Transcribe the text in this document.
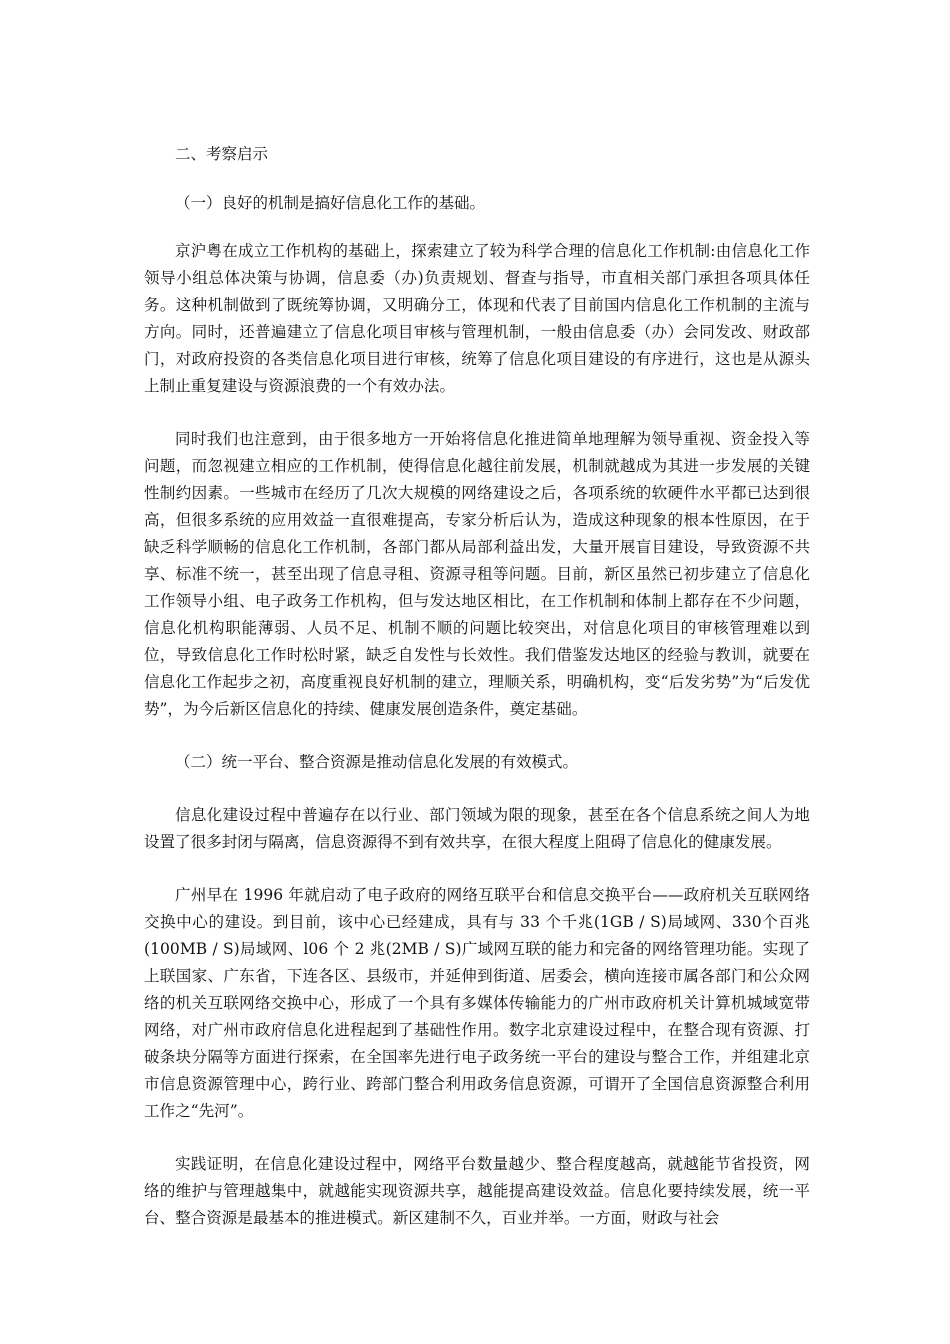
二、考察启示

（一）良好的机制是搞好信息化工作的基础。

京沪粤在成立工作机构的基础上，探索建立了较为科学合理的信息化工作机制:由信息化工作领导小组总体决策与协调，信息委（办)负责规划、督查与指导，市直相关部门承担各项具体任务。这种机制做到了既统筹协调，又明确分工，体现和代表了目前国内信息化工作机制的主流与方向。同时，还普遍建立了信息化项目审核与管理机制，一般由信息委（办）会同发改、财政部门，对政府投资的各类信息化项目进行审核，统筹了信息化项目建设的有序进行，这也是从源头上制止重复建设与资源浪费的一个有效办法。

同时我们也注意到，由于很多地方一开始将信息化推进简单地理解为领导重视、资金投入等问题，而忽视建立相应的工作机制，使得信息化越往前发展，机制就越成为其进一步发展的关键性制约因素。一些城市在经历了几次大规模的网络建设之后，各项系统的软硬件水平都已达到很高，但很多系统的应用效益一直很难提高，专家分析后认为，造成这种现象的根本性原因，在于缺乏科学顺畅的信息化工作机制，各部门都从局部利益出发，大量开展盲目建设，导致资源不共享、标准不统一，甚至出现了信息寻租、资源寻租等问题。目前，新区虽然已初步建立了信息化工作领导小组、电子政务工作机构，但与发达地区相比，在工作机制和体制上都存在不少问题，信息化机构职能薄弱、人员不足、机制不顺的问题比较突出，对信息化项目的审核管理难以到位，导致信息化工作时松时紧，缺乏自发性与长效性。我们借鉴发达地区的经验与教训，就要在信息化工作起步之初，高度重视良好机制的建立，理顺关系，明确机构，变“后发劣势”为“后发优势”，为今后新区信息化的持续、健康发展创造条件，奠定基础。

（二）统一平台、整合资源是推动信息化发展的有效模式。

信息化建设过程中普遍存在以行业、部门领域为限的现象，甚至在各个信息系统之间人为地设置了很多封闭与隔离，信息资源得不到有效共享，在很大程度上阻碍了信息化的健康发展。

广州早在 1996 年就启动了电子政府的网络互联平台和信息交换平台——政府机关互联网络交换中心的建设。到目前，该中心已经建成，具有与 33 个千兆(1GB / S)局域网、330个百兆(100MB / S)局域网、l06 个 2 兆(2MB / S)广域网互联的能力和完备的网络管理功能。实现了上联国家、广东省，下连各区、县级市，并延伸到街道、居委会，横向连接市属各部门和公众网络的机关互联网络交换中心，形成了一个具有多媒体传输能力的广州市政府机关计算机城域宽带网络，对广州市政府信息化进程起到了基础性作用。数字北京建设过程中，在整合现有资源、打破条块分隔等方面进行探索，在全国率先进行电子政务统一平台的建设与整合工作，并组建北京市信息资源管理中心，跨行业、跨部门整合利用政务信息资源，可谓开了全国信息资源整合利用工作之“先河”。

实践证明，在信息化建设过程中，网络平台数量越少、整合程度越高，就越能节省投资，网络的维护与管理越集中，就越能实现资源共享，越能提高建设效益。信息化要持续发展，统一平台、整合资源是最基本的推进模式。新区建制不久，百业并举。一方面，财政与社会
